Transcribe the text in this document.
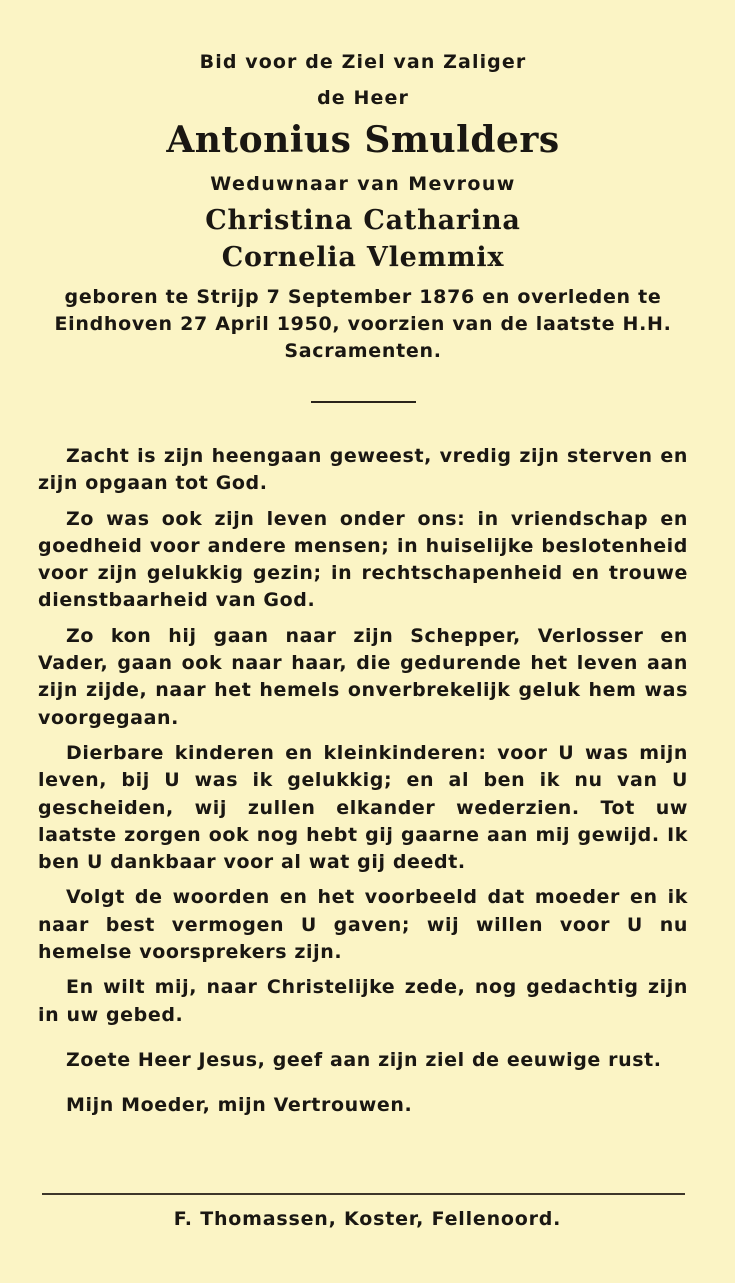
Bid voor de Ziel van Zaliger
de Heer
Antonius Smulders
Weduwnaar van Mevrouw
Christina Catharina
Cornelia Vlemmix
geboren te Strijp 7 September 1876 en overleden te Eindhoven 27 April 1950, voorzien van de laatste H.H. Sacramenten.

Zacht is zijn heengaan geweest, vredig zijn sterven en zijn opgaan tot God.

Zo was ook zijn leven onder ons: in vriendschap en goedheid voor andere mensen; in huiselijke beslotenheid voor zijn gelukkig gezin; in rechtschapenheid en trouwe dienstbaarheid van God.

Zo kon hij gaan naar zijn Schepper, Verlosser en Vader, gaan ook naar haar, die gedurende het leven aan zijn zijde, naar het hemels onverbrekelijk geluk hem was voorgegaan.

Dierbare kinderen en kleinkinderen: voor U was mijn leven, bij U was ik gelukkig; en al ben ik nu van U gescheiden, wij zullen elkander wederzien. Tot uw laatste zorgen ook nog hebt gij gaarne aan mij gewijd. Ik ben U dankbaar voor al wat gij deedt.

Volgt de woorden en het voorbeeld dat moeder en ik naar best vermogen U gaven; wij willen voor U nu hemelse voorsprekers zijn.

En wilt mij, naar Christelijke zede, nog gedachtig zijn in uw gebed.

Zoete Heer Jesus, geef aan zijn ziel de eeuwige rust.

Mijn Moeder, mijn Vertrouwen.

F. Thomassen, Koster, Fellenoord.
